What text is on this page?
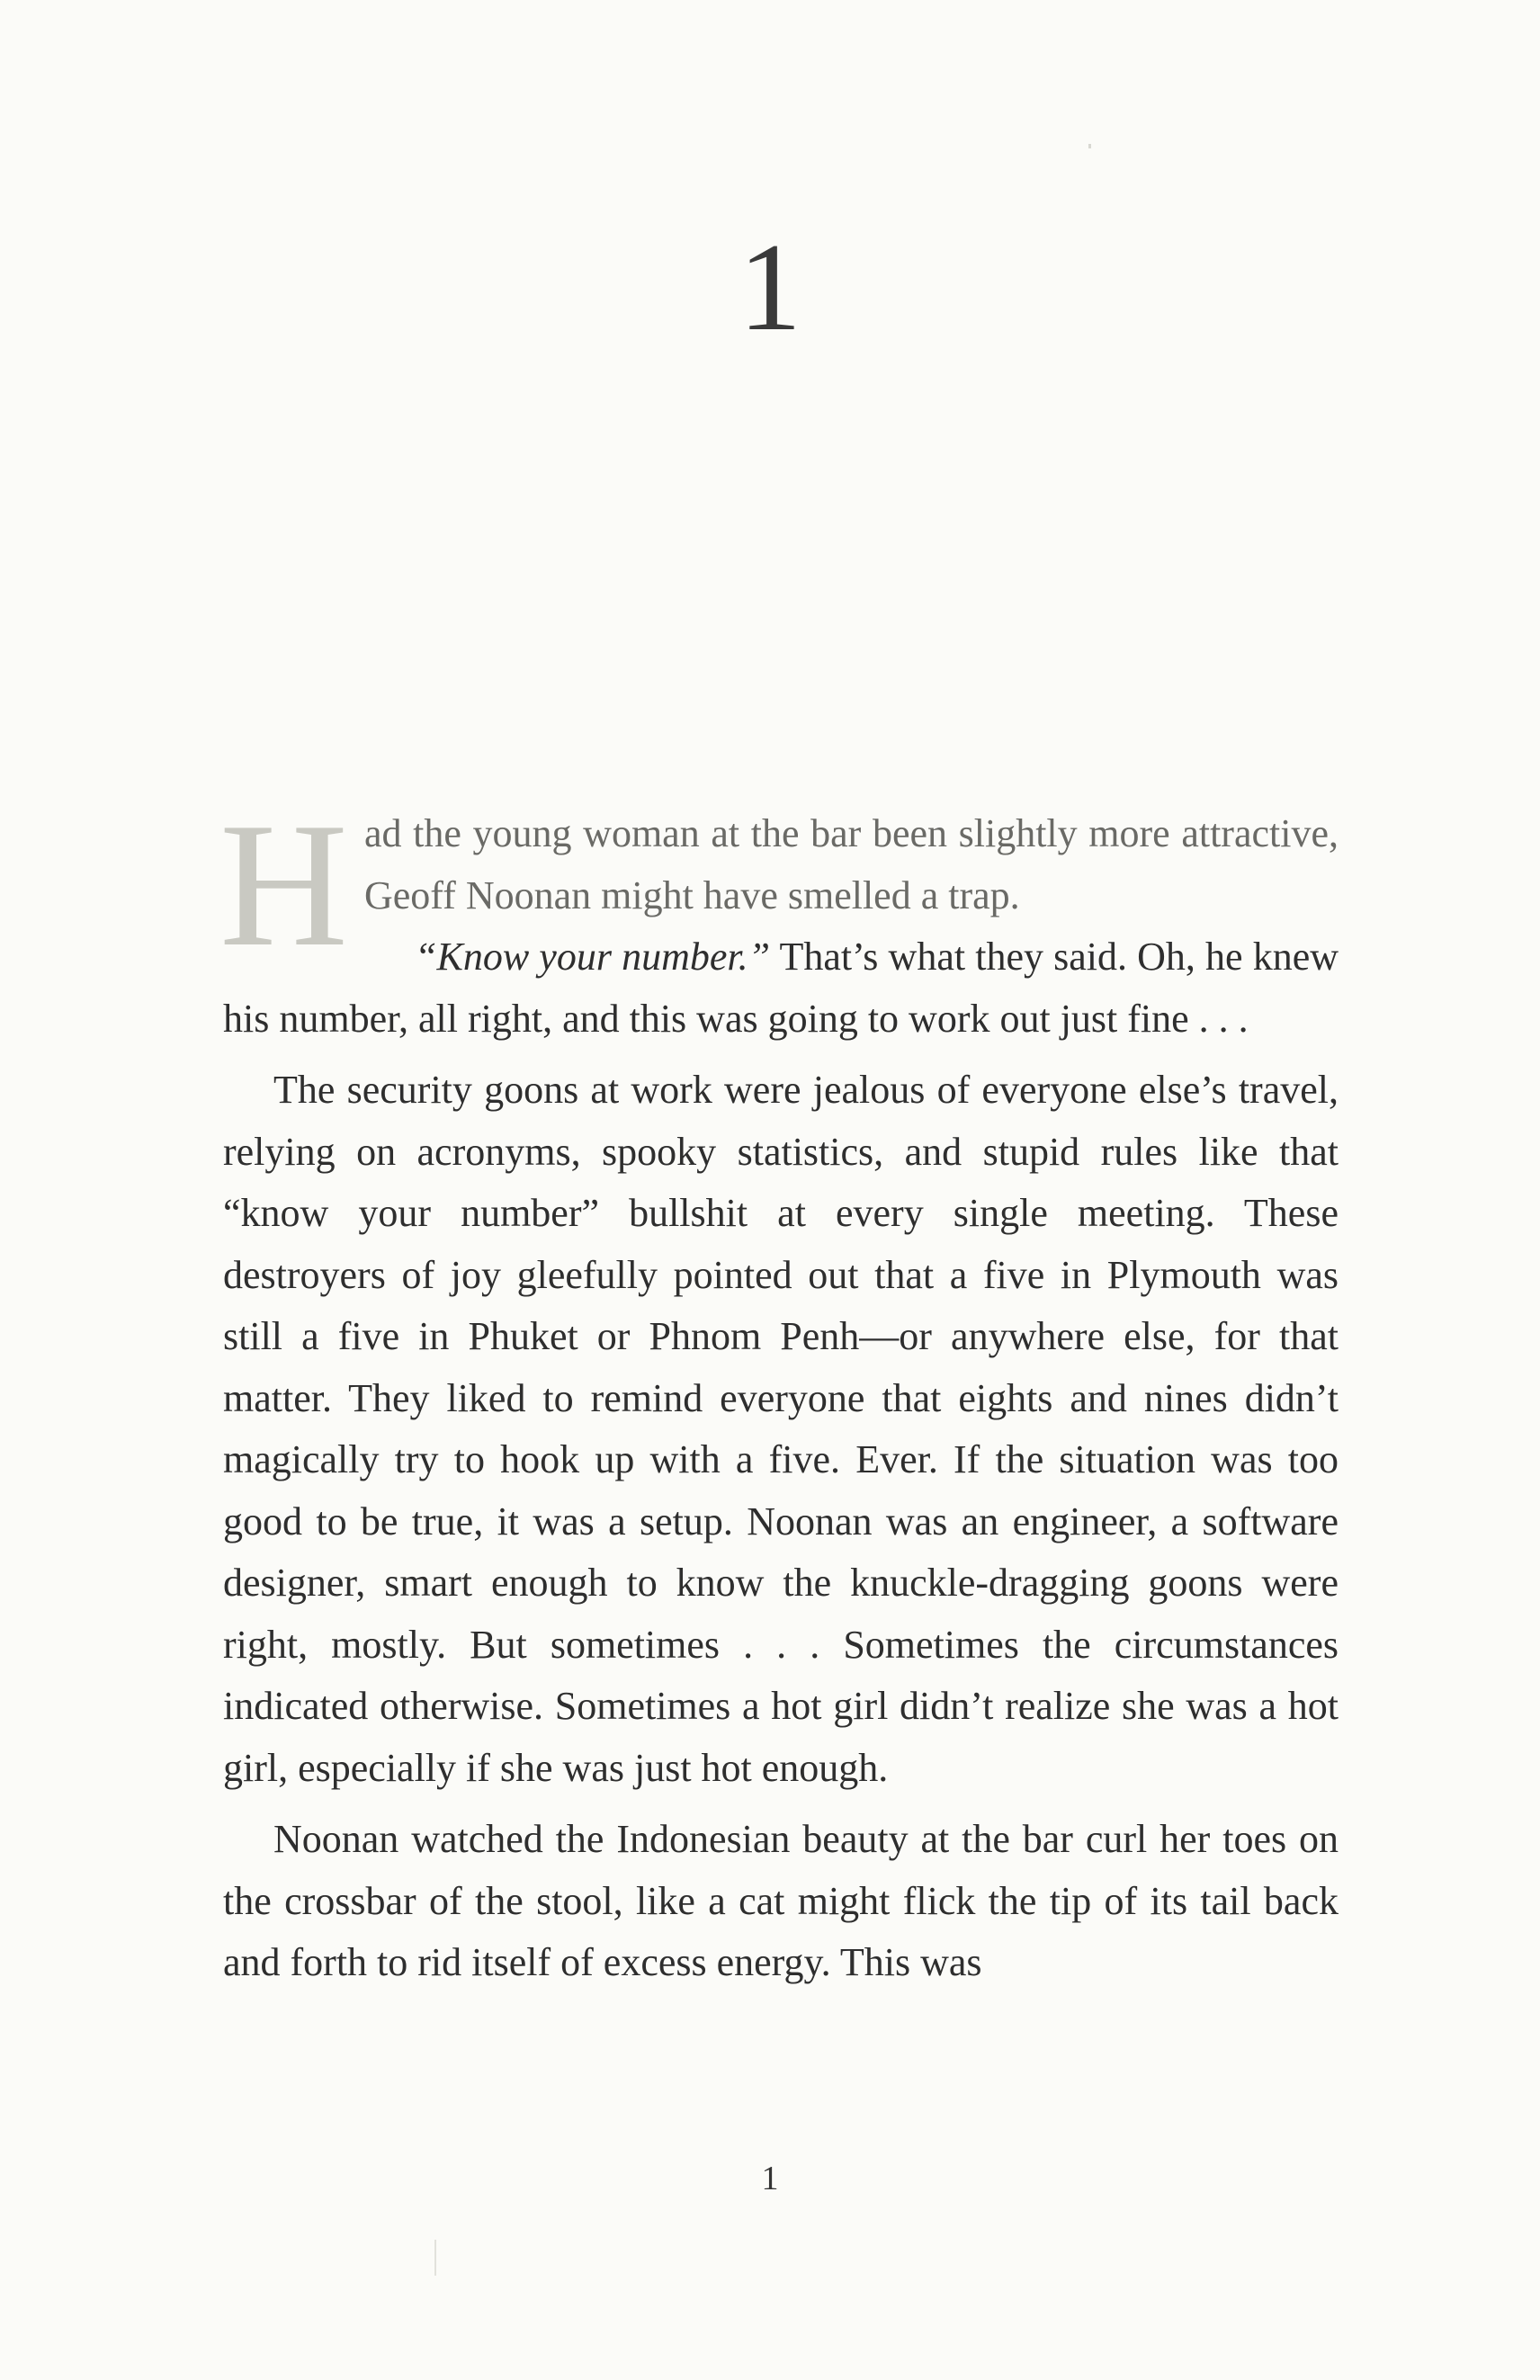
1

Had the young woman at the bar been slightly more attractive, Geoff Noonan might have smelled a trap.

“Know your number.” That’s what they said. Oh, he knew his number, all right, and this was going to work out just fine . . .

The security goons at work were jealous of everyone else’s travel, relying on acronyms, spooky statistics, and stupid rules like that “know your number” bullshit at every single meeting. These destroyers of joy gleefully pointed out that a five in Plymouth was still a five in Phuket or Phnom Penh—or anywhere else, for that matter. They liked to remind everyone that eights and nines didn’t magically try to hook up with a five. Ever. If the situation was too good to be true, it was a setup. Noonan was an engineer, a software designer, smart enough to know the knuckle-dragging goons were right, mostly. But sometimes . . . Sometimes the circumstances indicated otherwise. Sometimes a hot girl didn’t realize she was a hot girl, especially if she was just hot enough.

Noonan watched the Indonesian beauty at the bar curl her toes on the crossbar of the stool, like a cat might flick the tip of its tail back and forth to rid itself of excess energy. This was

1
